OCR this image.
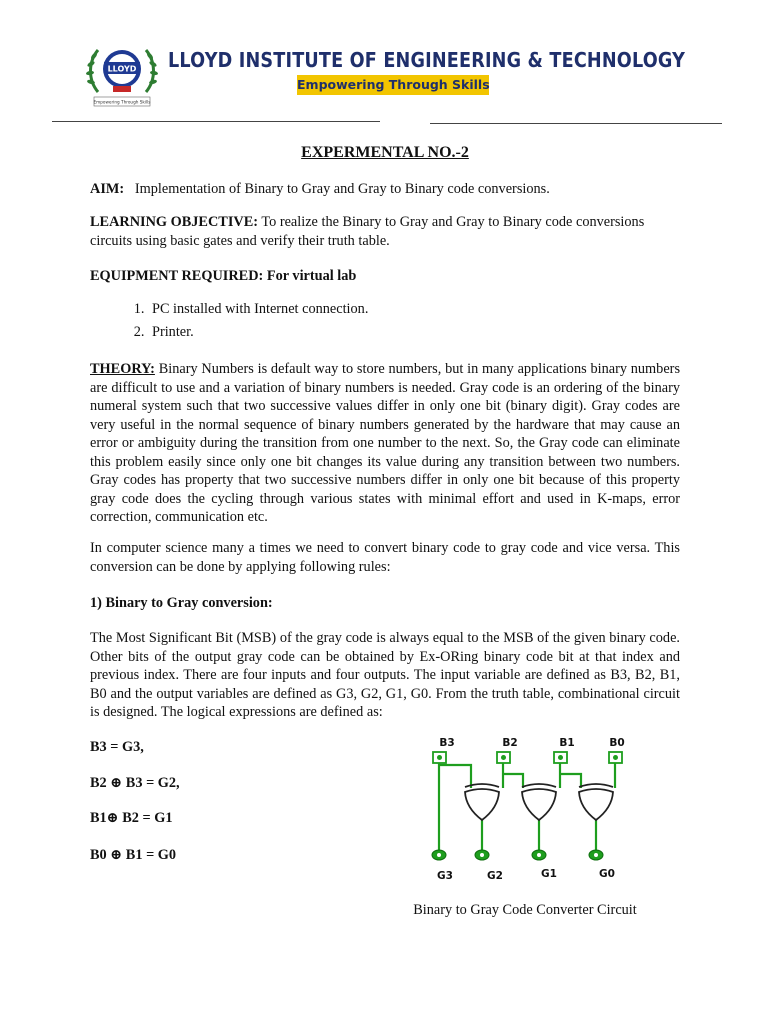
LLOYD
Empowering Through Skills
LLOYD INSTITUTE OF ENGINEERING & TECHNOLOGY
Empowering Through Skills
EXPERMENTAL NO.-2

AIM: Implementation of Binary to Gray and Gray to Binary code conversions.

LEARNING OBJECTIVE: To realize the Binary to Gray and Gray to Binary code conversions circuits using basic gates and verify their truth table.

EQUIPMENT REQUIRED: For virtual lab

1. PC installed with Internet connection.
2. Printer.

THEORY: Binary Numbers is default way to store numbers, but in many applications binary numbers are difficult to use and a variation of binary numbers is needed. Gray code is an ordering of the binary numeral system such that two successive values differ in only one bit (binary digit). Gray codes are very useful in the normal sequence of binary numbers generated by the hardware that may cause an error or ambiguity during the transition from one number to the next. So, the Gray code can eliminate this problem easily since only one bit changes its value during any transition between two numbers. Gray codes has property that two successive numbers differ in only one bit because of this property gray code does the cycling through various states with minimal effort and used in K-maps, error correction, communication etc.

In computer science many a times we need to convert binary code to gray code and vice versa. This conversion can be done by applying following rules:

1) Binary to Gray conversion:

The Most Significant Bit (MSB) of the gray code is always equal to the MSB of the given binary code. Other bits of the output gray code can be obtained by Ex-ORing binary code bit at that index and previous index. There are four inputs and four outputs. The input variable are defined as B3, B2, B1, B0 and the output variables are defined as G3, G2, G1, G0. From the truth table, combinational circuit is designed. The logical expressions are defined as:

B3 = G3,
B2 ⊕ B3 = G2,
B1⊕ B2 = G1
B0 ⊕ B1 = G0
B3	B2	B1	B0
G3	G2	G1	G0
Binary to Gray Code Converter Circuit
